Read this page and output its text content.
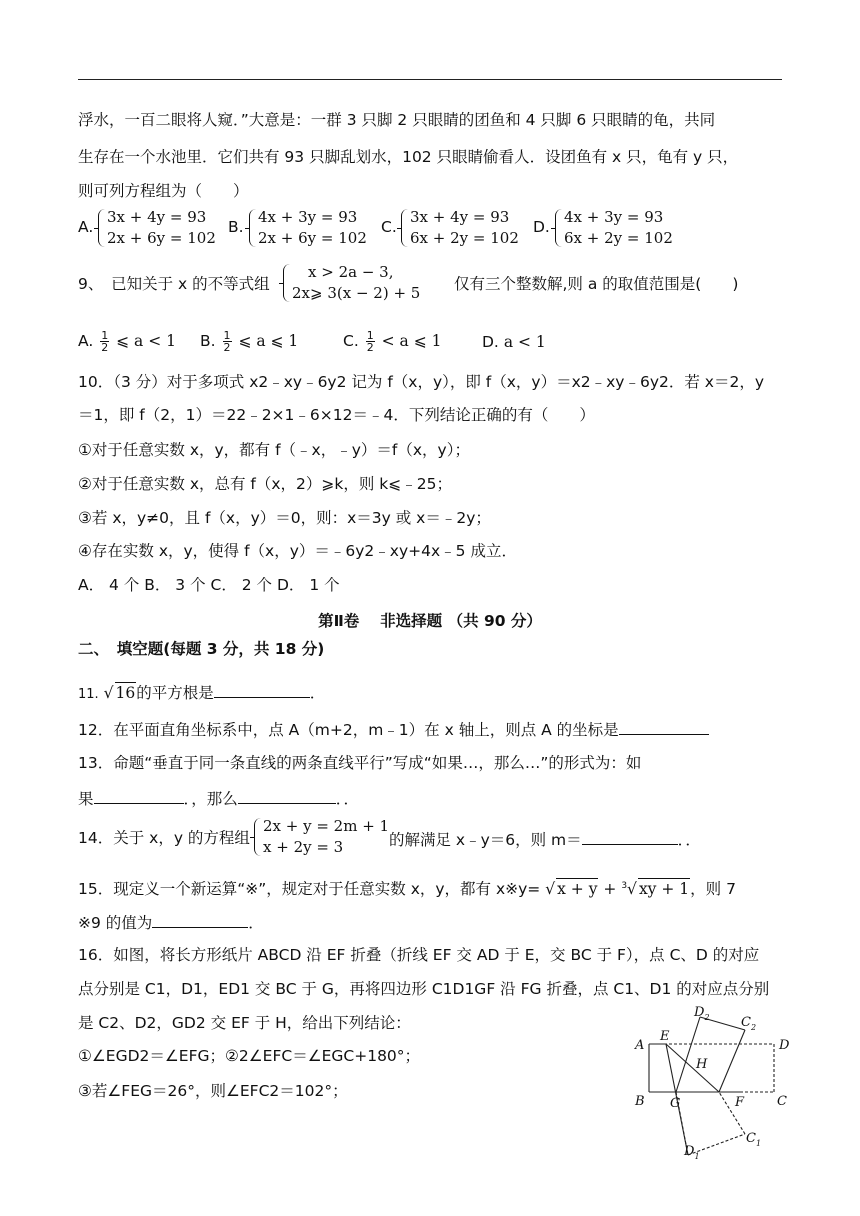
浮水，一百二眼将人窥．”大意是：一群 3 只脚 2 只眼睛的团鱼和 4 只脚 6 只眼睛的龟，共同
生存在一个水池里．它们共有 93 只脚乱划水，102 只眼睛偷看人．设团鱼有 x 只，龟有 y 只，
则可列方程组为（　　）
A.
3x + 4y = 93
2x + 6y = 102
B.
4x + 3y = 93
2x + 6y = 102
C.
3x + 4y = 93
6x + 2y = 102
D.
4x + 3y = 93
6x + 2y = 102
9、　已知关于 x 的不等式组
x > 2a − 3,
2x⩾ 3(x − 2) + 5 仅有三个整数解,则 a 的取值范围是(　　)
A. $\frac{1}{2}$ ⩽ a < 1 B. $\frac{1}{2}$ ⩽ a ⩽ 1	C. $\frac{1}{2} < a$ ⩽ 1	D. a < 1
10．（3 分）对于多项式 x2﹣xy﹣6y2 记为 f（x，y），即 f（x，y）＝x2﹣xy﹣6y2．若 x＝2，y
＝1，即 f（2，1）＝22﹣2×1﹣6×12＝﹣4．下列结论正确的有（　　）
①对于任意实数 x，y，都有 f（﹣x，﹣y）＝f（x，y）；
②对于任意实数 x，总有 f（x，2）⩾k，则 k⩽﹣25；
③若 x，y≠0，且 f（x，y）＝0，则：x＝3y 或 x＝﹣2y；
④存在实数 x，y，使得 f（x，y）＝﹣6y2﹣xy+4x﹣5 成立．
A． 4 个 B． 3 个 C． 2 个 D． 1 个
第Ⅱ卷　 非选择题 （共 90 分）
二、　填空题(每题 3 分，共 18 分)
11. √ 16的平方根是	．
12．在平面直角坐标系中，点 A（m+2，m﹣1）在 x 轴上，则点 A 的坐标是
13．命题“垂直于同一条直线的两条直线平行”写成“如果…，那么…”的形式为：如
果	．，那么	．．
14．关于 x，y 的方程组
2x + y = 2m + 1
x + 2y = 3	的解满足 x﹣y＝6，则 m＝	．．
15．现定义一个新运算“※”，规定对于任意实数 x，y，都有 x※y= √ x + y + $^3$√ xy + 1，则 7
※9 的值为	．
16．如图，将长方形纸片 ABCD 沿 EF 折叠（折线 EF 交 AD 于 E，交 BC 于 F），点 C、D 的对应
点分别是 C1，D1，ED1 交 BC 于 G，再将四边形 C1D1GF 沿 FG 折叠，点 C1、D1 的对应点分别
是 C2、D2，GD2 交 EF 于 H，给出下列结论：
①∠EGD2＝∠EFG；②2∠EFC＝∠EGC+180°；
③若∠FEG＝26°，则∠EFC2＝102°；
A
E
$D_2$ $C_2$
D
H
B G	F	C
$C_1$
$D_1$
